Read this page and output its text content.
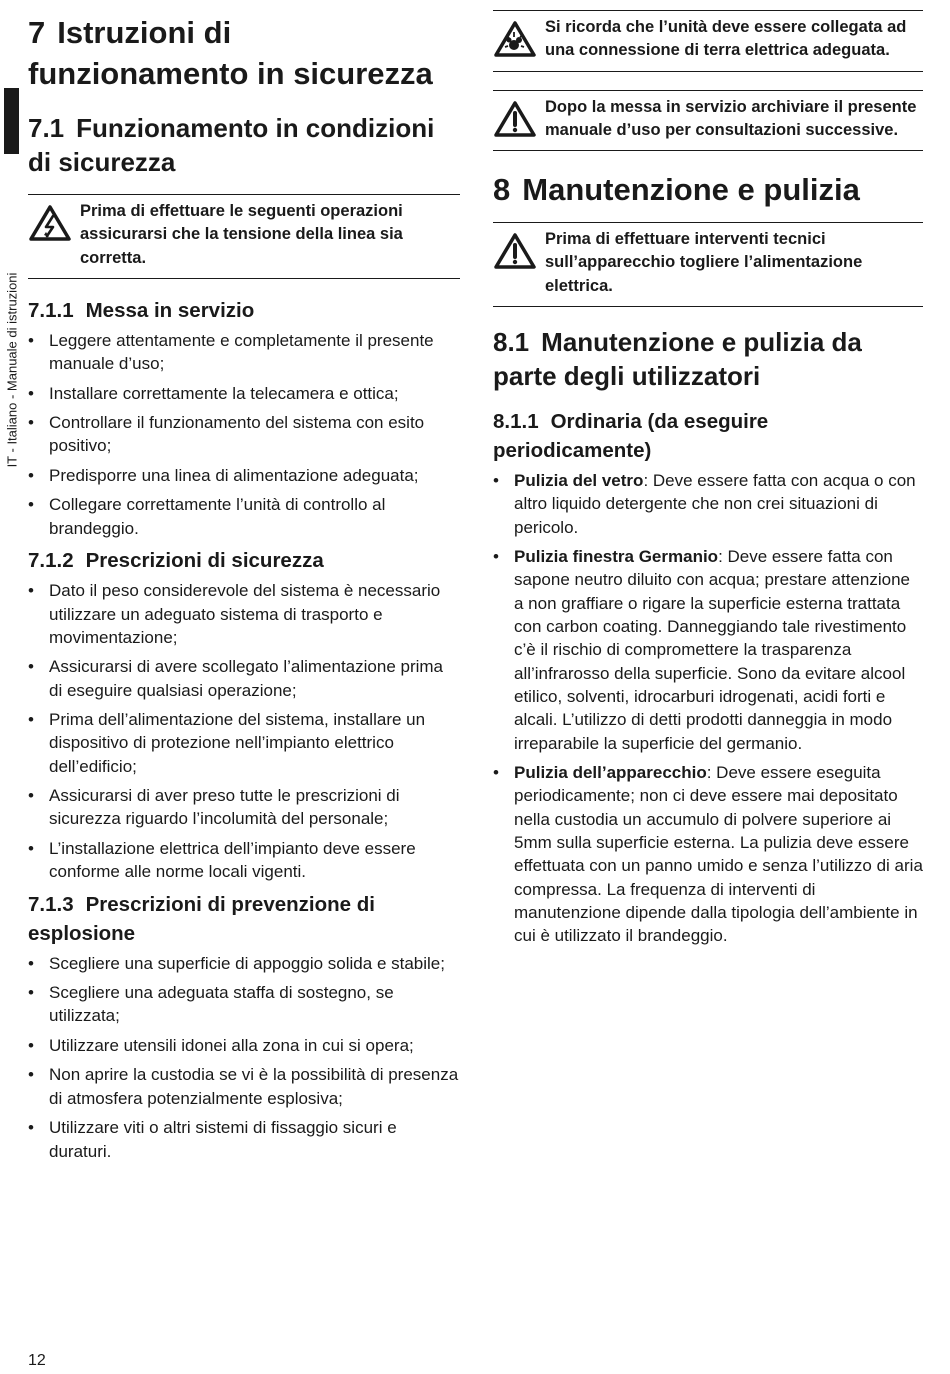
IT - Italiano - Manuale di istruzioni
7 Istruzioni di funzionamento in sicurezza
7.1 Funzionamento in condizioni di sicurezza
Prima di effettuare le seguenti operazioni assicurarsi che la tensione della linea sia corretta.
7.1.1 Messa in servizio
• Leggere attentamente e completamente il presente manuale d’uso;
• Installare correttamente la telecamera e ottica;
• Controllare il funzionamento del sistema con esito positivo;
• Predisporre una linea di alimentazione adeguata;
• Collegare correttamente l’unità di controllo al brandeggio.
7.1.2 Prescrizioni di sicurezza
• Dato il peso considerevole del sistema è necessario utilizzare un adeguato sistema di trasporto e movimentazione;
• Assicurarsi di avere scollegato l’alimentazione prima di eseguire qualsiasi operazione;
• Prima dell’alimentazione del sistema, installare un dispositivo di protezione nell’impianto elettrico dell’edificio;
• Assicurarsi di aver preso tutte le prescrizioni di sicurezza riguardo l’incolumità del personale;
• L’installazione elettrica dell’impianto deve essere conforme alle norme locali vigenti.
7.1.3 Prescrizioni di prevenzione di esplosione
• Scegliere una superficie di appoggio solida e stabile;
• Scegliere una adeguata staffa di sostegno, se utilizzata;
• Utilizzare utensili idonei alla zona in cui si opera;
• Non aprire la custodia se vi è la possibilità di presenza di atmosfera potenzialmente esplosiva;
• Utilizzare viti o altri sistemi di fissaggio sicuri e duraturi.
Si ricorda che l’unità deve essere collegata ad una connessione di terra elettrica adeguata.
Dopo la messa in servizio archiviare il presente manuale d’uso per consultazioni successive.
8 Manutenzione e pulizia
Prima di effettuare interventi tecnici sull’apparecchio togliere l’alimentazione elettrica.
8.1 Manutenzione e pulizia da parte degli utilizzatori
8.1.1 Ordinaria (da eseguire periodicamente)
• Pulizia del vetro: Deve essere fatta con acqua o con altro liquido detergente che non crei situazioni di pericolo.
• Pulizia finestra Germanio: Deve essere fatta con sapone neutro diluito con acqua; prestare attenzione a non graffiare o rigare la superficie esterna trattata con carbon coating. Danneggiando tale rivestimento c’è il rischio di compromettere la trasparenza all’infrarosso della superficie. Sono da evitare alcool etilico, solventi, idrocarburi idrogenati, acidi forti e alcali. L’utilizzo di detti prodotti danneggia in modo irreparabile la superficie del germanio.
• Pulizia dell’apparecchio: Deve essere eseguita periodicamente; non ci deve essere mai depositato nella custodia un accumulo di polvere superiore ai 5mm sulla superficie esterna. La pulizia deve essere effettuata con un panno umido e senza l’utilizzo di aria compressa. La frequenza di interventi di manutenzione dipende dalla tipologia dell’ambiente in cui è utilizzato il brandeggio.
12
